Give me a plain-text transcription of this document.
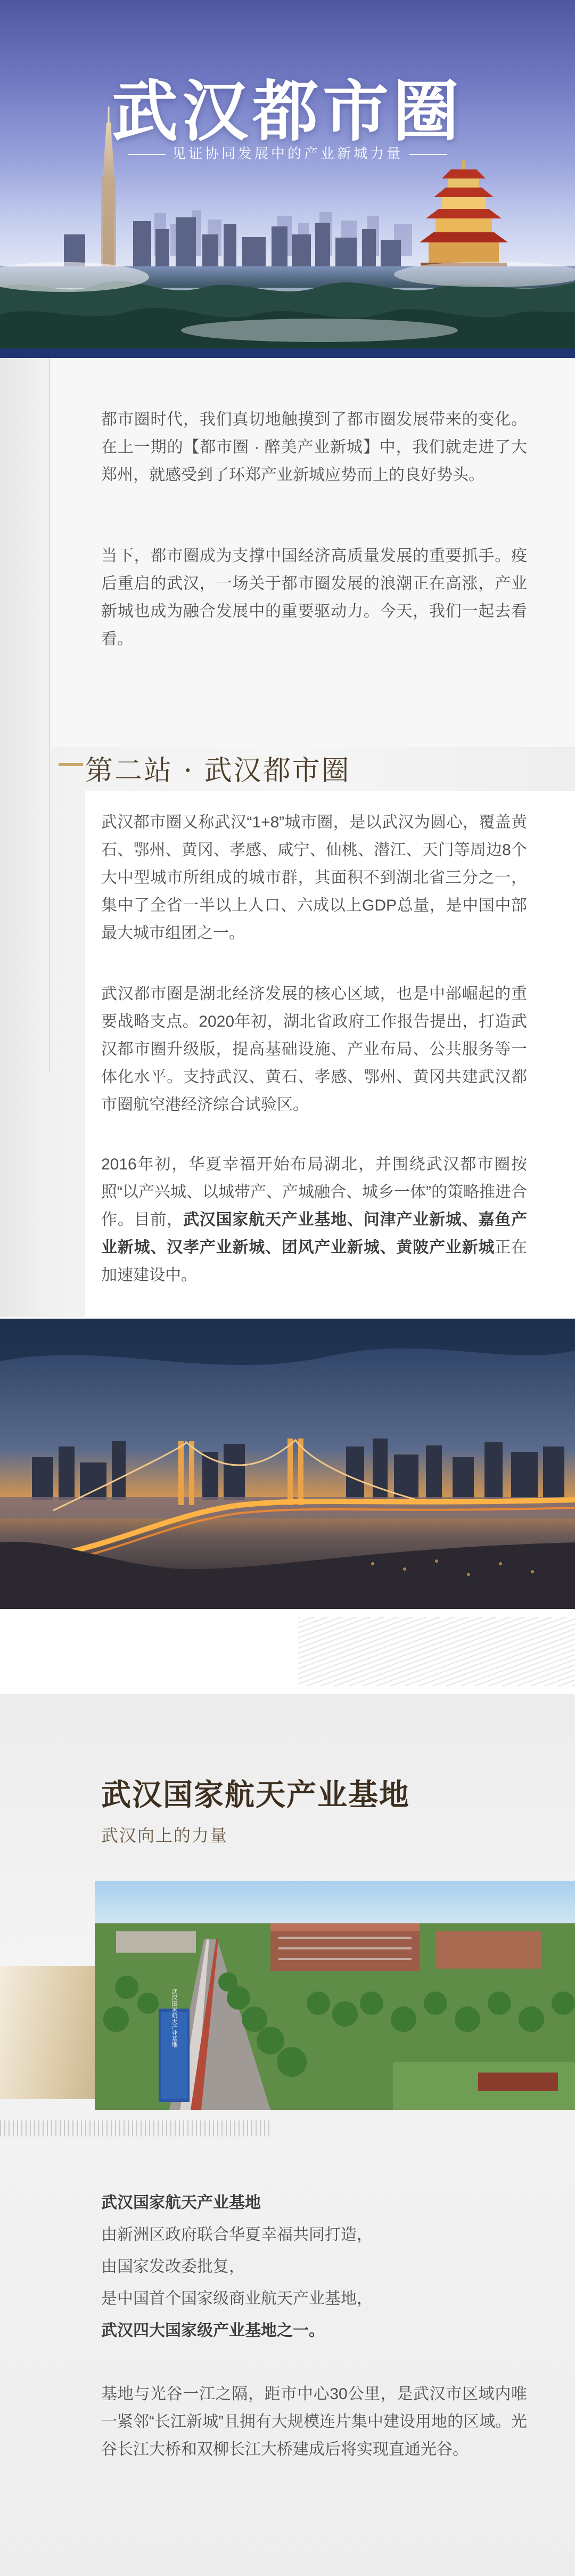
武汉都市圈
见证协同发展中的产业新城力量

都市圈时代，我们真切地触摸到了都市圈发展带来的变化。在上一期的【都市圈 · 醉美产业新城】中，我们就走进了大郑州，就感受到了环郑产业新城应势而上的良好势头。

当下，都市圈成为支撑中国经济高质量发展的重要抓手。疫后重启的武汉，一场关于都市圈发展的浪潮正在高涨，产业新城也成为融合发展中的重要驱动力。今天，我们一起去看看。

第二站 · 武汉都市圈

武汉都市圈又称武汉“1+8”城市圈，是以武汉为圆心，覆盖黄石、鄂州、黄冈、孝感、咸宁、仙桃、潜江、天门等周边8个大中型城市所组成的城市群，其面积不到湖北省三分之一，集中了全省一半以上人口、六成以上GDP总量，是中国中部最大城市组团之一。

武汉都市圈是湖北经济发展的核心区域，也是中部崛起的重要战略支点。2020年初，湖北省政府工作报告提出，打造武汉都市圈升级版，提高基础设施、产业布局、公共服务等一体化水平。支持武汉、黄石、孝感、鄂州、黄冈共建武汉都市圈航空港经济综合试验区。

2016年初，华夏幸福开始布局湖北，并围绕武汉都市圈按照“以产兴城、以城带产、产城融合、城乡一体”的策略推进合作。目前，武汉国家航天产业基地、问津产业新城、嘉鱼产业新城、汉孝产业新城、团风产业新城、黄陂产业新城正在加速建设中。

武汉国家航天产业基地
武汉向上的力量
武汉国家航天产业基地
武汉国家航天产业基地
由新洲区政府联合华夏幸福共同打造，
由国家发改委批复，
是中国首个国家级商业航天产业基地，
武汉四大国家级产业基地之一。

基地与光谷一江之隔，距市中心30公里，是武汉市区域内唯一紧邻“长江新城”且拥有大规模连片集中建设用地的区域。光谷长江大桥和双柳长江大桥建成后将实现直通光谷。
